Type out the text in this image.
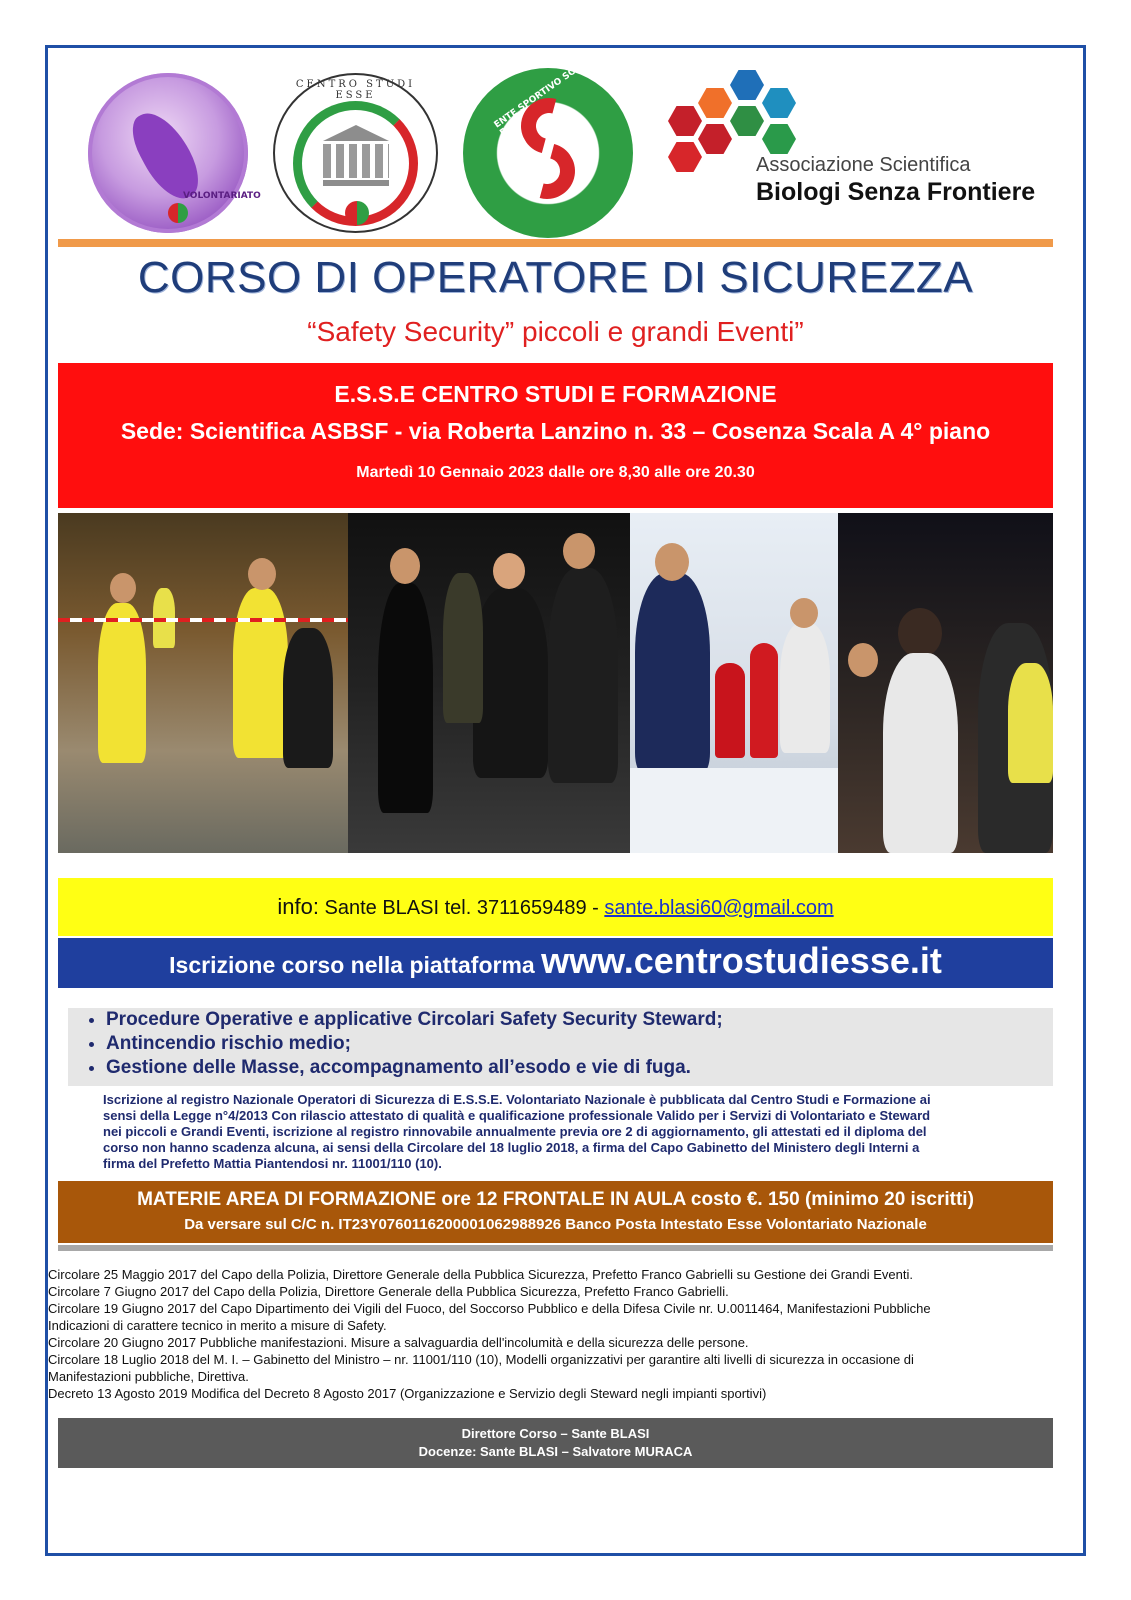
VOLONTARIATO
CENTRO STUDI ESSE	ENTE SPORTIVO SOCIALE EUROPEO
Associazione Scientifica
Biologi Senza Frontiere
CORSO DI OPERATORE DI SICUREZZA
“Safety Security” piccoli e grandi Eventi”
E.S.S.E CENTRO STUDI E FORMAZIONE
Sede: Scientifica ASBSF - via Roberta Lanzino n. 33 – Cosenza Scala A 4° piano
Martedì 10 Gennaio 2023 dalle ore 8,30 alle ore 20.30
info: Sante BLASI tel. 3711659489 - sante.blasi60@gmail.com
Iscrizione corso nella piattaforma www.centrostudiesse.it
• Procedure Operative e applicative Circolari Safety Security Steward;
• Antincendio rischio medio;
• Gestione delle Masse, accompagnamento all’esodo e vie di fuga.
Iscrizione al registro Nazionale Operatori di Sicurezza di E.S.S.E. Volontariato Nazionale è pubblicata dal Centro Studi e Formazione ai
sensi della Legge n°4/2013 Con rilascio attestato di qualità e qualificazione professionale Valido per i Servizi di Volontariato e Steward
nei piccoli e Grandi Eventi, iscrizione al registro rinnovabile annualmente previa ore 2 di aggiornamento, gli attestati ed il diploma del
corso non hanno scadenza alcuna, ai sensi della Circolare del 18 luglio 2018, a firma del Capo Gabinetto del Ministero degli Interni a
firma del Prefetto Mattia Piantendosi nr. 11001/110 (10).
MATERIE AREA DI FORMAZIONE ore 12 FRONTALE IN AULA costo €. 150 (minimo 20 iscritti)
Da versare sul C/C n. IT23Y0760116200001062988926 Banco Posta Intestato Esse Volontariato Nazionale
Circolare 25 Maggio 2017 del Capo della Polizia, Direttore Generale della Pubblica Sicurezza, Prefetto Franco Gabrielli su Gestione dei Grandi Eventi.
Circolare 7 Giugno 2017 del Capo della Polizia, Direttore Generale della Pubblica Sicurezza, Prefetto Franco Gabrielli.
Circolare 19 Giugno 2017 del Capo Dipartimento dei Vigili del Fuoco, del Soccorso Pubblico e della Difesa Civile nr. U.0011464, Manifestazioni Pubbliche
Indicazioni di carattere tecnico in merito a misure di Safety.
Circolare 20 Giugno 2017 Pubbliche manifestazioni. Misure a salvaguardia dell'incolumità e della sicurezza delle persone.
Circolare 18 Luglio 2018 del M. I. – Gabinetto del Ministro – nr. 11001/110 (10), Modelli organizzativi per garantire alti livelli di sicurezza in occasione di
Manifestazioni pubbliche, Direttiva.
Decreto 13 Agosto 2019 Modifica del Decreto 8 Agosto 2017 (Organizzazione e Servizio degli Steward negli impianti sportivi)
Direttore Corso – Sante BLASI
Docenze: Sante BLASI – Salvatore MURACA
